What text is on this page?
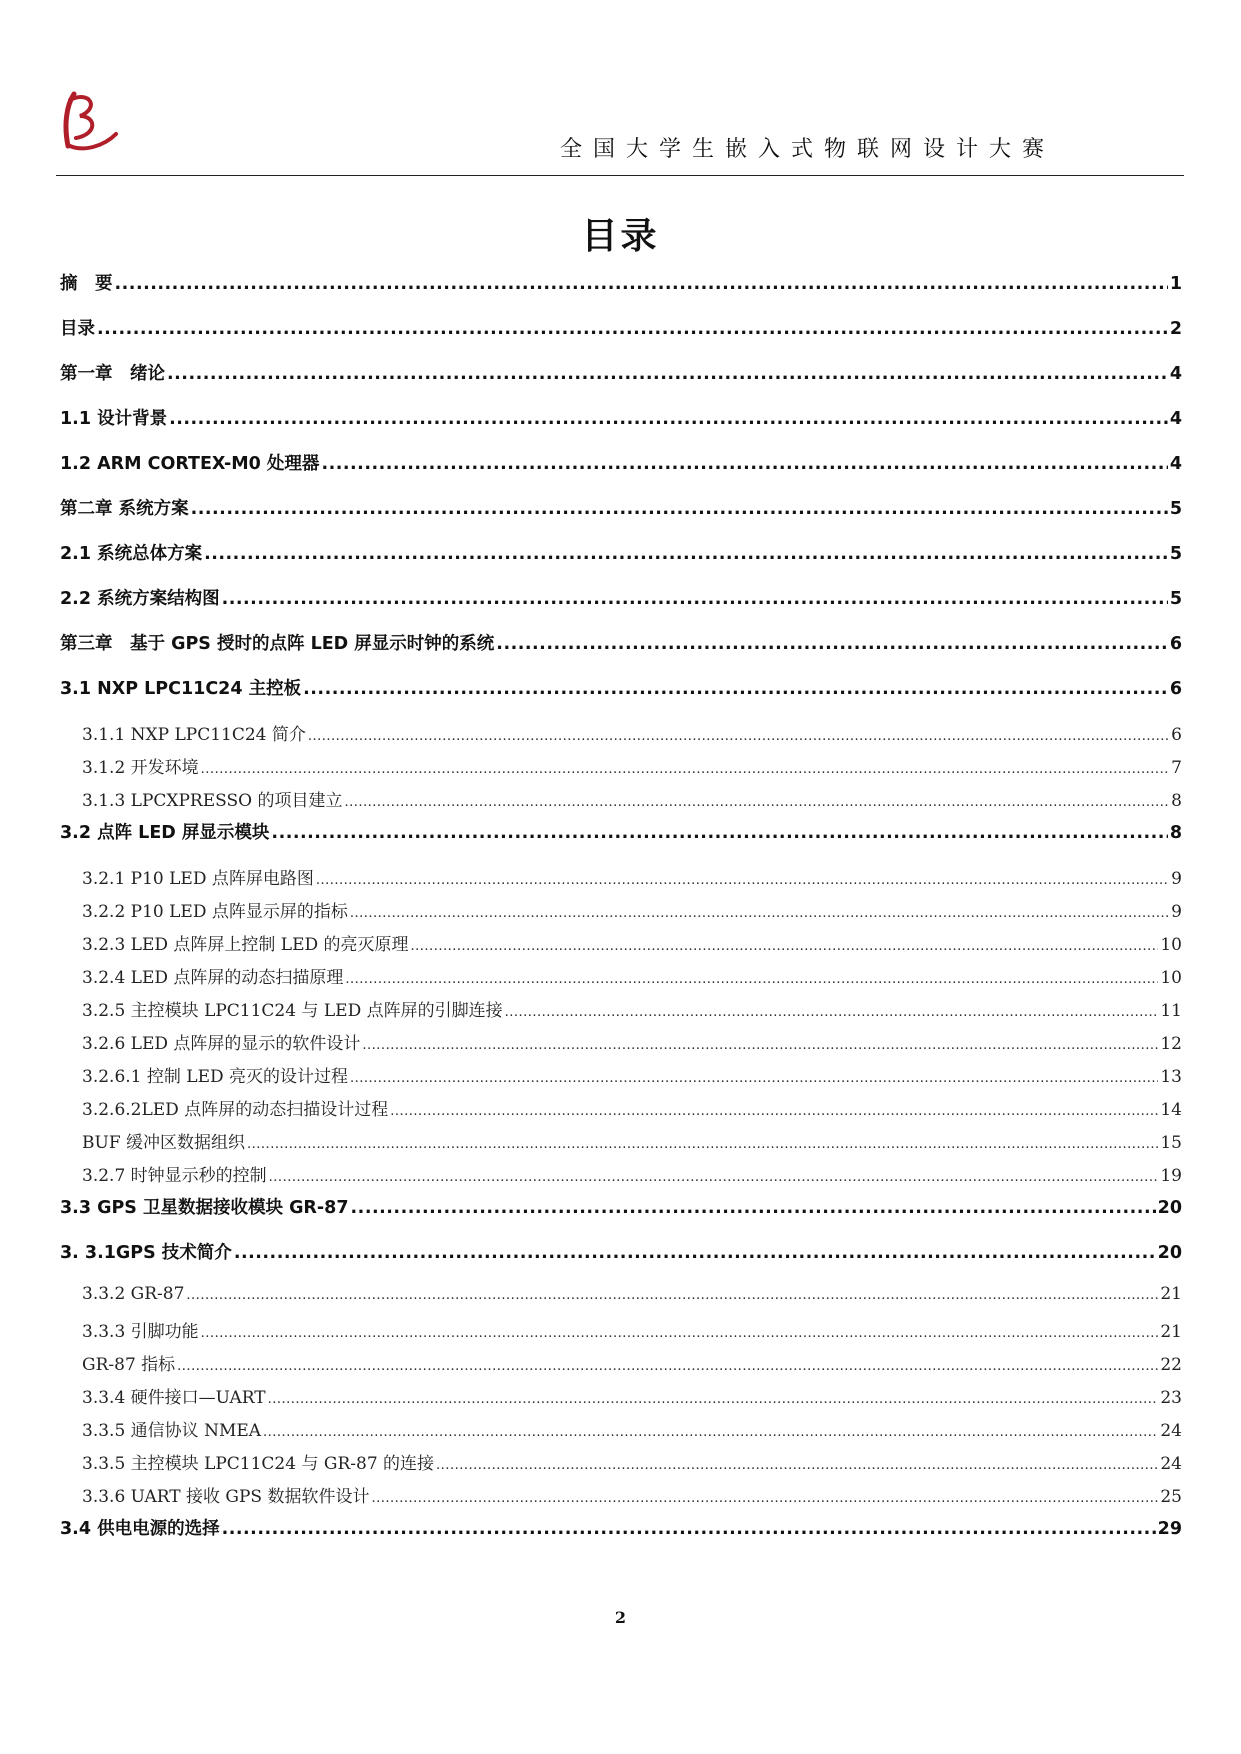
全国大学生嵌入式物联网设计大赛
目录
摘　要 .....	1
目录 .....	2
第一章　绪论 .....	4
1.1 设计背景 .....	4
1.2 ARM CORTEX-M0 处理器 .....	4
第二章 系统方案 .....	5
2.1 系统总体方案 .....	5
2.2 系统方案结构图 .....	5
第三章　基于 GPS 授时的点阵 LED 屏显示时钟的系统 .....	6
3.1 NXP LPC11C24 主控板 .....	6
3.1.1 NXP LPC11C24 简介 .....	6
3.1.2 开发环境 .....	7
3.1.3 LPCXPRESSO 的项目建立 .....	8
3.2 点阵 LED 屏显示模块 .....	8
3.2.1 P10 LED 点阵屏电路图 .....	9
3.2.2 P10 LED 点阵显示屏的指标 .....	9
3.2.3 LED 点阵屏上控制 LED 的亮灭原理 .....	10
3.2.4 LED 点阵屏的动态扫描原理 .....	10
3.2.5 主控模块 LPC11C24 与 LED 点阵屏的引脚连接 .....	11
3.2.6 LED 点阵屏的显示的软件设计 .....	12
3.2.6.1 控制 LED 亮灭的设计过程 .....	13
3.2.6.2LED 点阵屏的动态扫描设计过程 .....	14
BUF 缓冲区数据组织 .....	15
3.2.7 时钟显示秒的控制 .....	19
3.3 GPS 卫星数据接收模块 GR-87 .....	20
3. 3.1GPS 技术简介 .....	20
3.3.2 GR-87 .....	21
3.3.3 引脚功能 .....	21
GR-87 指标 .....	22
3.3.4 硬件接口—UART .....	23
3.3.5 通信协议 NMEA .....	24
3.3.5 主控模块 LPC11C24 与 GR-87 的连接 .....	24
3.3.6 UART 接收 GPS 数据软件设计 .....	25
3.4 供电电源的选择 .....	29
2
